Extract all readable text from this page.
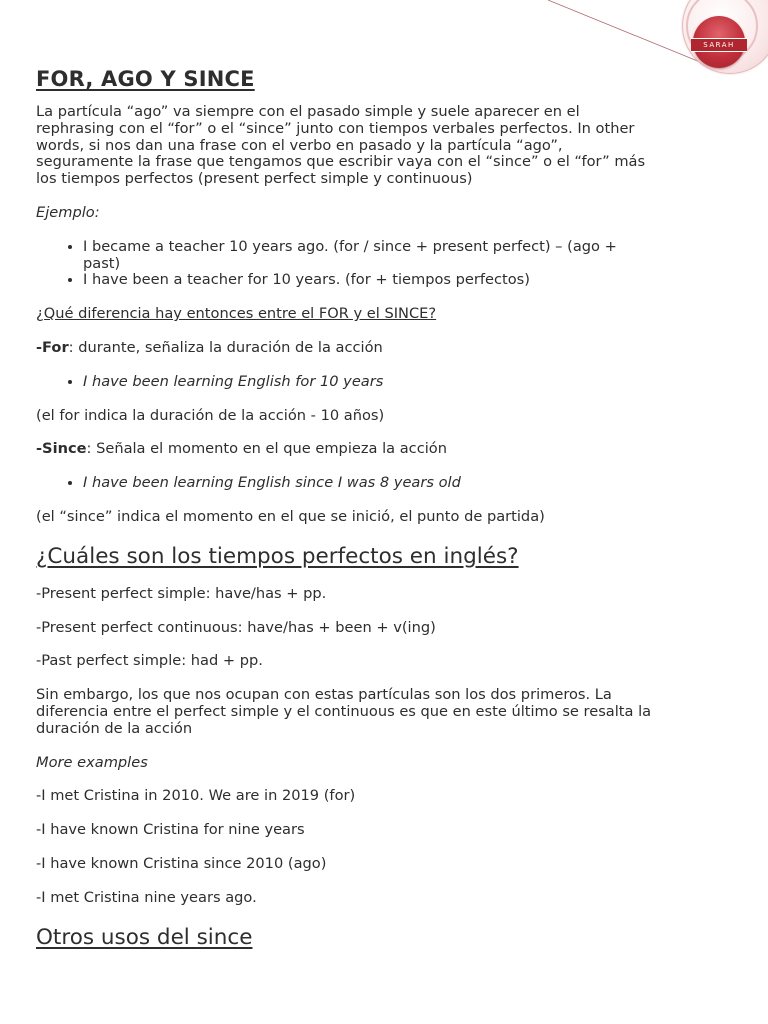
SARAH
FOR, AGO Y SINCE

La partícula “ago” va siempre con el pasado simple y suele aparecer en el rephrasing con el “for” o el “since” junto con tiempos verbales perfectos. In other words, si nos dan una frase con el verbo en pasado y la partícula “ago”, seguramente la frase que tengamos que escribir vaya con el “since” o el “for” más los tiempos perfectos (present perfect simple y continuous)

Ejemplo:

• I became a teacher 10 years ago. (for / since + present perfect) – (ago + past)
• I have been a teacher for 10 years. (for + tiempos perfectos)

¿Qué diferencia hay entonces entre el FOR y el SINCE?

-For: durante, señaliza la duración de la acción

• I have been learning English for 10 years

(el for indica la duración de la acción - 10 años)

-Since: Señala el momento en el que empieza la acción

• I have been learning English since I was 8 years old

(el “since” indica el momento en el que se inició, el punto de partida)

¿Cuáles son los tiempos perfectos en inglés?

-Present perfect simple: have/has + pp.

-Present perfect continuous: have/has + been + v(ing)

-Past perfect simple: had + pp.

Sin embargo, los que nos ocupan con estas partículas son los dos primeros. La diferencia entre el perfect simple y el continuous es que en este último se resalta la duración de la acción

More examples

-I met Cristina in 2010. We are in 2019 (for)

-I have known Cristina for nine years

-I have known Cristina since 2010 (ago)

-I met Cristina nine years ago.

Otros usos del since
